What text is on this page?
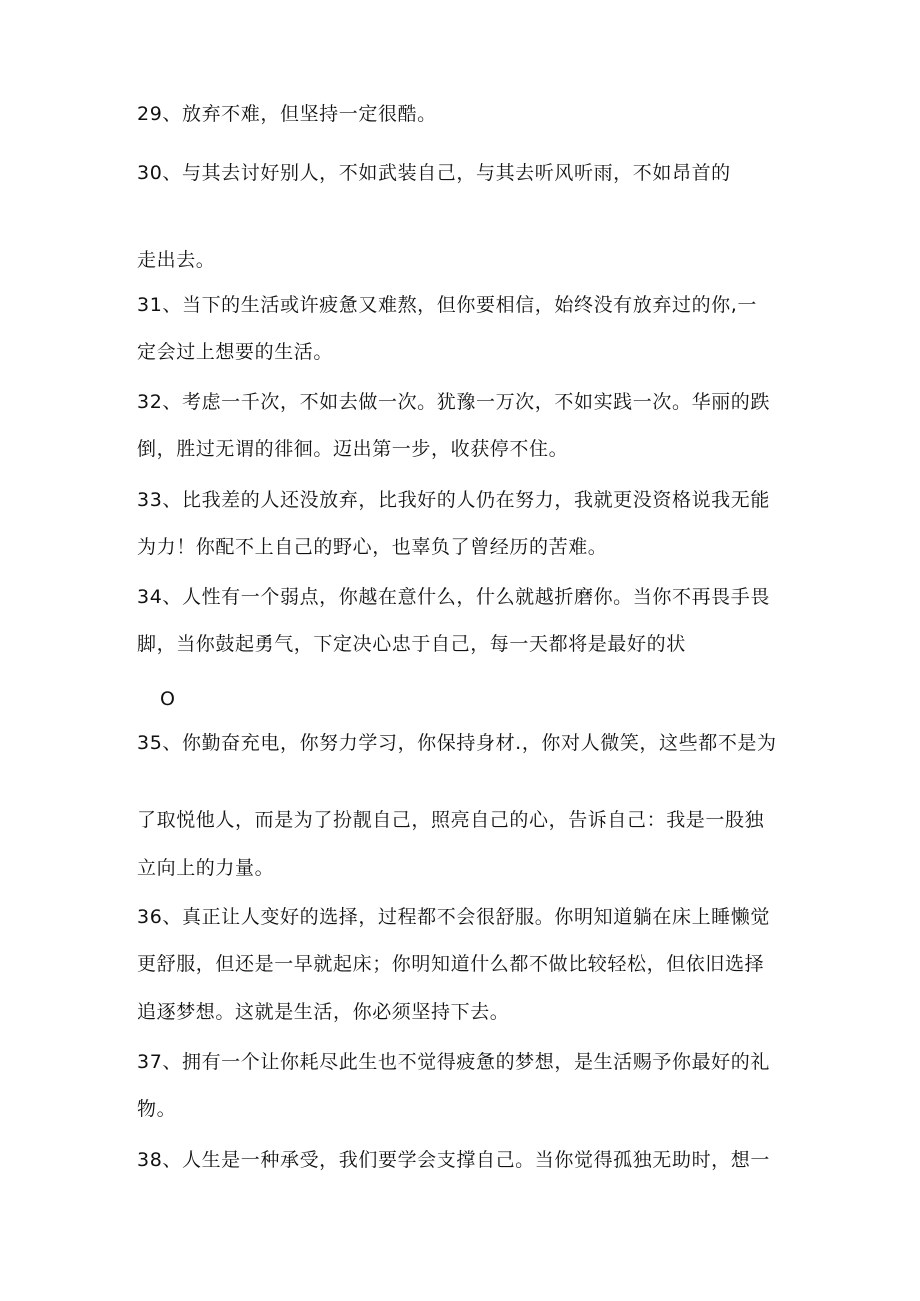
29、放弃不难，但坚持一定很酷。
30、与其去讨好别人，不如武装自己，与其去听风听雨，不如昂首的
走出去。
31、当下的生活或许疲惫又难熬，但你要相信，始终没有放弃过的你,一
定会过上想要的生活。
32、考虑一千次，不如去做一次。犹豫一万次，不如实践一次。华丽的跌
倒，胜过无谓的徘徊。迈出第一步，收获停不住。
33、比我差的人还没放弃，比我好的人仍在努力，我就更没资格说我无能
为力！你配不上自己的野心，也辜负了曾经历的苦难。
34、人性有一个弱点，你越在意什么，什么就越折磨你。当你不再畏手畏
脚，当你鼓起勇气，下定决心忠于自己，每一天都将是最好的状
O
35、你勤奋充电，你努力学习，你保持身材.，你对人微笑，这些都不是为
了取悦他人，而是为了扮靓自己，照亮自己的心，告诉自己：我是一股独
立向上的力量。
36、真正让人变好的选择，过程都不会很舒服。你明知道躺在床上睡懒觉
更舒服，但还是一早就起床；你明知道什么都不做比较轻松，但依旧选择
追逐梦想。这就是生活，你必须坚持下去。
37、拥有一个让你耗尽此生也不觉得疲惫的梦想，是生活赐予你最好的礼
物。
38、人生是一种承受，我们要学会支撑自己。当你觉得孤独无助时，想一
